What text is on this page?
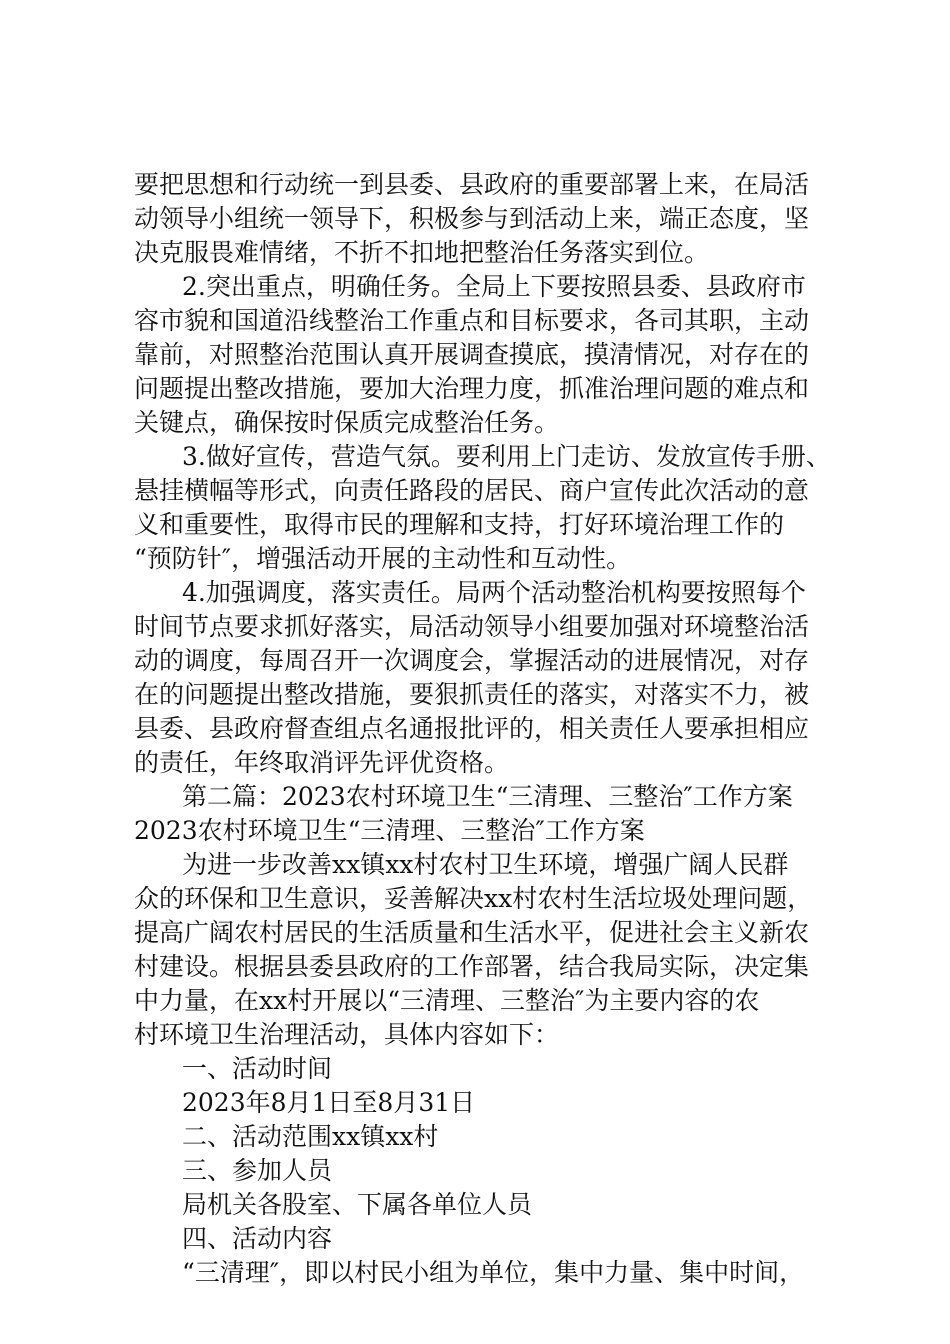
要把思想和行动统一到县委、县政府的重要部署上来，在局活
动领导小组统一领导下，积极参与到活动上来，端正态度，坚
决克服畏难情绪，不折不扣地把整治任务落实到位。
2.突出重点，明确任务。全局上下要按照县委、县政府市
容市貌和国道沿线整治工作重点和目标要求，各司其职，主动
靠前，对照整治范围认真开展调查摸底，摸清情况，对存在的
问题提出整改措施，要加大治理力度，抓准治理问题的难点和
关键点，确保按时保质完成整治任务。
3.做好宣传，营造气氛。要利用上门走访、发放宣传手册、
悬挂横幅等形式，向责任路段的居民、商户宣传此次活动的意
义和重要性，取得市民的理解和支持，打好环境治理工作的
“预防针″，增强活动开展的主动性和互动性。
4.加强调度，落实责任。局两个活动整治机构要按照每个
时间节点要求抓好落实，局活动领导小组要加强对环境整治活
动的调度，每周召开一次调度会，掌握活动的进展情况，对存
在的问题提出整改措施，要狠抓责任的落实，对落实不力，被
县委、县政府督查组点名通报批评的，相关责任人要承担相应
的责任，年终取消评先评优资格。
第二篇：2023农村环境卫生“三清理、三整治″工作方案
2023农村环境卫生“三清理、三整治″工作方案
为进一步改善xx镇xx村农村卫生环境，增强广阔人民群
众的环保和卫生意识，妥善解决xx村农村生活垃圾处理问题，
提高广阔农村居民的生活质量和生活水平，促进社会主义新农
村建设。根据县委县政府的工作部署，结合我局实际，决定集
中力量，在xx村开展以“三清理、三整治″为主要内容的农
村环境卫生治理活动，具体内容如下：
一、活动时间
2023年8月1日至8月31日
二、活动范围xx镇xx村
三、参加人员
局机关各股室、下属各单位人员
四、活动内容
“三清理″，即以村民小组为单位，集中力量、集中时间，
